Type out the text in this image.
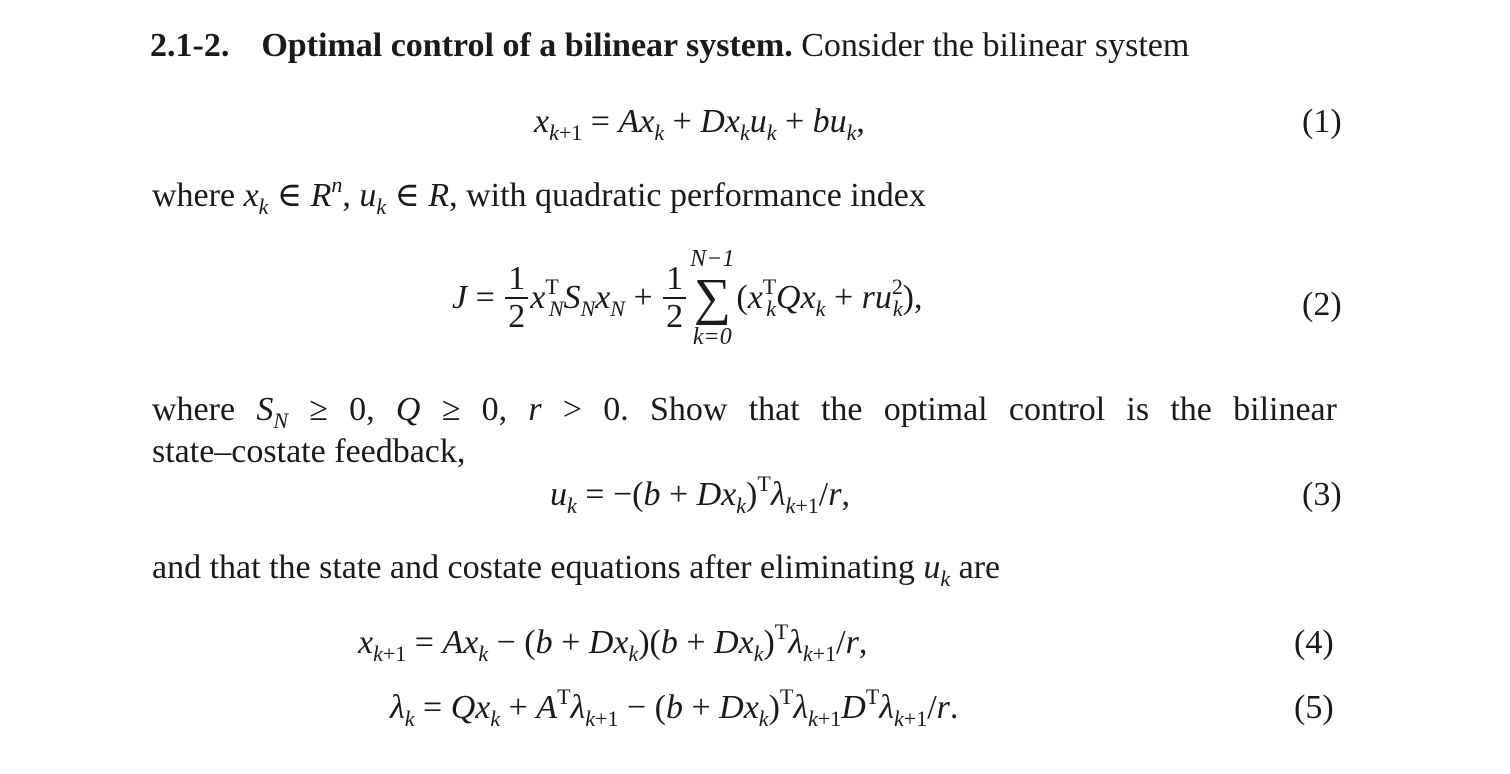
2.1-2. Optimal control of a bilinear system. Consider the bilinear system
$x_{k+1} = Ax_k + Dx_ku_k + bu_k$,	(1)
where $x_k$ ∈ $R^n$, $u_k$ ∈ R, with quadratic performance index
$J = \frac{1}{2} x^T_NS_Nx_N + \frac{1}{2}$
N−1
∑
k=0
$(x^T_kQx_k + ru^2_k)$,	(2)
where $S_N \ge 0$, Q ≥ 0, r > 0. Show that the optimal control is the bilinear
state–costate feedback,
$u_k = -(b + Dx_k)^T\lambda_{k+1}/r$,	(3)
and that the state and costate equations after eliminating $u_k$ are
$x_{k+1} = Ax_k - (b + Dx_k)(b + Dx_k)^T\lambda_{k+1}/r$,	(4)
$\lambda_k = Qx_k + A^T\lambda_{k+1} - (b + Dx_k)^T\lambda_{k+1}D^T\lambda_{k+1}/r$.	(5)
